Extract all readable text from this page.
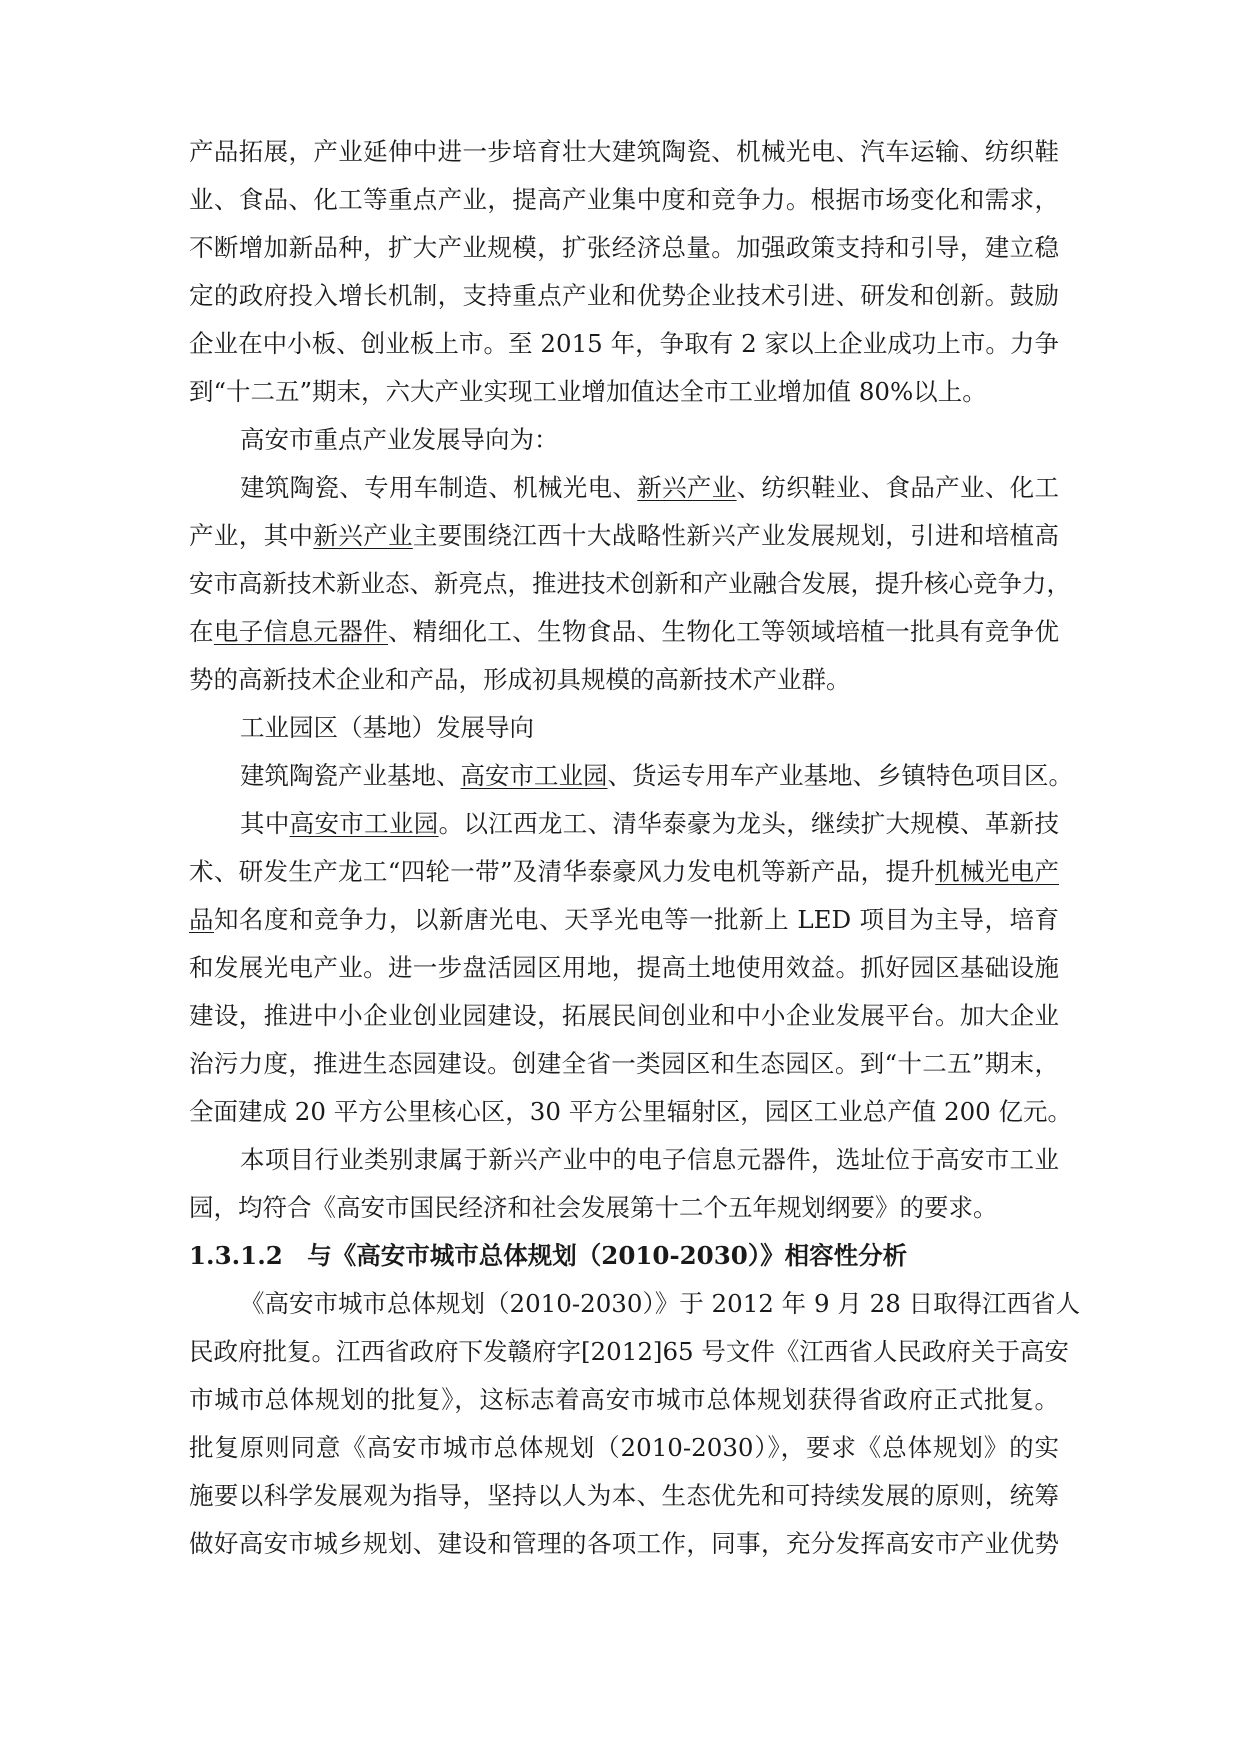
产品拓展，产业延伸中进一步培育壮大建筑陶瓷、机械光电、汽车运输、纺织鞋
业、食品、化工等重点产业，提高产业集中度和竞争力。根据市场变化和需求，
不断增加新品种，扩大产业规模，扩张经济总量。加强政策支持和引导，建立稳
定的政府投入增长机制，支持重点产业和优势企业技术引进、研发和创新。鼓励
企业在中小板、创业板上市。至 2015 年，争取有 2 家以上企业成功上市。力争
到“十二五”期末，六大产业实现工业增加值达全市工业增加值 80%以上。
高安市重点产业发展导向为：
建筑陶瓷、专用车制造、机械光电、新兴产业、纺织鞋业、食品产业、化工
产业，其中新兴产业主要围绕江西十大战略性新兴产业发展规划，引进和培植高
安市高新技术新业态、新亮点，推进技术创新和产业融合发展，提升核心竞争力，
在电子信息元器件、精细化工、生物食品、生物化工等领域培植一批具有竞争优
势的高新技术企业和产品，形成初具规模的高新技术产业群。
工业园区（基地）发展导向
建筑陶瓷产业基地、高安市工业园、货运专用车产业基地、乡镇特色项目区。
其中高安市工业园。以江西龙工、清华泰豪为龙头，继续扩大规模、革新技
术、研发生产龙工“四轮一带”及清华泰豪风力发电机等新产品，提升机械光电产
品知名度和竞争力，以新唐光电、天孚光电等一批新上 LED 项目为主导，培育
和发展光电产业。进一步盘活园区用地，提高土地使用效益。抓好园区基础设施
建设，推进中小企业创业园建设，拓展民间创业和中小企业发展平台。加大企业
治污力度，推进生态园建设。创建全省一类园区和生态园区。到“十二五”期末，
全面建成 20 平方公里核心区，30 平方公里辐射区，园区工业总产值 200 亿元。
本项目行业类别隶属于新兴产业中的电子信息元器件，选址位于高安市工业
园，均符合《高安市国民经济和社会发展第十二个五年规划纲要》的要求。
1.3.1.2　与《高安市城市总体规划（2010-2030）》相容性分析
《高安市城市总体规划（2010-2030）》于 2012 年 9 月 28 日取得江西省人
民政府批复。江西省政府下发赣府字[2012]65 号文件《江西省人民政府关于高安
市城市总体规划的批复》，这标志着高安市城市总体规划获得省政府正式批复。
批复原则同意《高安市城市总体规划（2010-2030）》，要求《总体规划》的实
施要以科学发展观为指导，坚持以人为本、生态优先和可持续发展的原则，统筹
做好高安市城乡规划、建设和管理的各项工作，同事，充分发挥高安市产业优势
